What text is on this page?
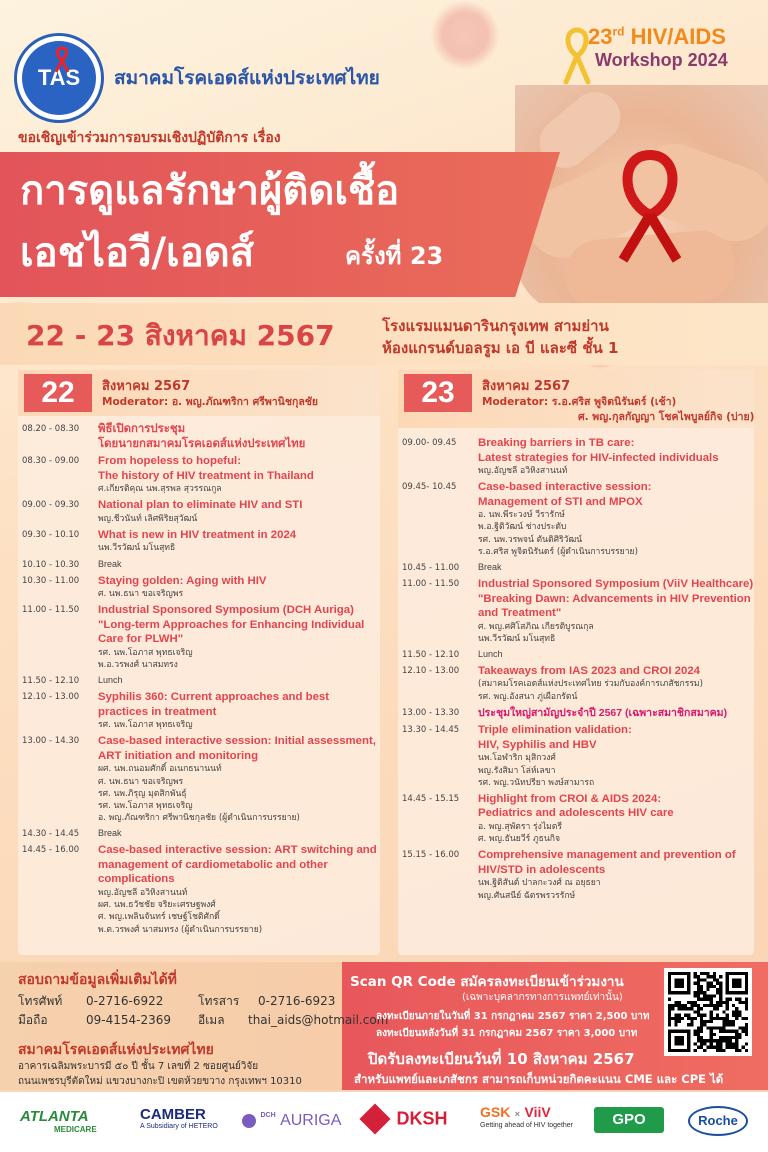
TAS สมาคมโรคเอดส์แห่งประเทศไทย
23rd HIV/AIDS
Workshop 2024
ขอเชิญเข้าร่วมการอบรมเชิงปฏิบัติการ เรื่อง
การดูแลรักษาผู้ติดเชื้อ
เอชไอวี/เอดส์	ครั้งที่ 23
22 - 23 สิงหาคม 2567	โรงแรมแมนดารินกรุงเทพ สามย่าน
ห้องแกรนด์บอลรูม เอ บี และซี ชั้น 1
22	สิงหาคม 2567
Moderator: อ. พญ.ภัณฑริกา ศรีพานิชกุลชัย
08.20 - 08.30	พิธีเปิดการประชุม
โดยนายกสมาคมโรคเอดส์แห่งประเทศไทย
08.30 - 09.00	From hopeless to hopeful:
The history of HIV treatment in Thailand
ศ.เกียรติคุณ นพ.สุรพล สุวรรณกูล
09.00 - 09.30	National plan to eliminate HIV and STI
พญ.ชีวนันท์ เลิศพิริยสุวัฒน์
09.30 - 10.10	What is new in HIV treatment in 2024
นพ.วีรวัฒน์ มโนสุทธิ
10.10 - 10.30	Break
10.30 - 11.00	Staying golden: Aging with HIV
ศ. นพ.ธนา ขอเจริญพร
11.00 - 11.50	Industrial Sponsored Symposium (DCH Auriga)
"Long-term Approaches for Enhancing Individual Care for PLWH"
รศ. นพ.โอภาส พุทธเจริญ
พ.อ.วรพงศ์ นาสมทรง
11.50 - 12.10	Lunch
12.10 - 13.00	Syphilis 360: Current approaches and best practices in treatment
รศ. นพ.โอภาส พุทธเจริญ
13.00 - 14.30	Case-based interactive session: Initial assessment, ART initiation and monitoring
ผศ. นพ.ถนอมศักดิ์ อเนกธนานนท์
ศ. นพ.ธนา ขอเจริญพร
รศ. นพ.ภิรุญ มุตสิกพันธุ์
รศ. นพ.โอภาส พุทธเจริญ
อ. พญ.ภัณฑริกา ศรีพานิชกุลชัย (ผู้ดำเนินการบรรยาย)
14.30 - 14.45	Break
14.45 - 16.00	Case-based interactive session: ART switching and management of cardiometabolic and other complications
พญ.อัญชลี อวิหิงสานนท์
ผศ. นพ.ธวัชชัย จริยะเศรษฐพงศ์
ศ. พญ.เพลินจันทร์ เชษฐ์โชติศักดิ์
พ.ต.วรพงศ์ นาสมทรง (ผู้ดำเนินการบรรยาย)
23	สิงหาคม 2567
Moderator: ร.อ.ศริส พูจิตนิรันดร์ (เช้า)
ศ. พญ.กุลกัญญา โชคไพบูลย์กิจ (บ่าย)
09.00- 09.45	Breaking barriers in TB care:
Latest strategies for HIV-infected individuals
พญ.อัญชลี อวิหิงสานนท์
09.45- 10.45	Case-based interactive session:
Management of STI and MPOX
อ. นพ.พีระวงษ์ วีรารักษ์
พ.อ.ฐิติวัฒน์ ช่างประดับ
รศ. นพ.วรพจน์ ตันติศิริวัฒน์
ร.อ.ศริส พูจิตนิรันดร์ (ผู้ดำเนินการบรรยาย)
10.45 - 11.00	Break
11.00 - 11.50	Industrial Sponsored Symposium (ViiV Healthcare)
"Breaking Dawn: Advancements in HIV Prevention and Treatment"
ศ. พญ.ศศิโสภิณ เกียรติบูรณกุล
นพ.วีรวัฒน์ มโนสุทธิ
11.50 - 12.10	Lunch
12.10 - 13.00	Takeaways from IAS 2023 and CROI 2024
(สมาคมโรคเอดส์แห่งประเทศไทย ร่วมกับองค์การเภสัชกรรม)
รศ. พญ.อังสนา ภู่เผือกรัตน์
13.00 - 13.30	ประชุมใหญ่สามัญประจำปี 2567 (เฉพาะสมาชิกสมาคม)
13.30 - 14.45	Triple elimination validation:
HIV, Syphilis and HBV
นพ.โอฬาริก มุสิกวงศ์
พญ.รังสิมา โล่ห์เลขา
รศ. พญ.วนัทปรียา พงษ์สามารถ
14.45 - 15.15	Highlight from CROI & AIDS 2024:
Pediatrics and adolescents HIV care
อ. พญ.สุพัตรา รุ่งไมตรี
ศ. พญ.ธันยวีร์ ภูธนกิจ
15.15 - 16.00	Comprehensive management and prevention of HIV/STD in adolescents
นพ.ฐิติสันต์ ปาลกะวงศ์ ณ อยุธยา
พญ.ศันสนีย์ ฉัตรพรวรรักษ์
สอบถามข้อมูลเพิ่มเติมได้ที่
โทรศัพท์ 0-2716-6922	โทรสาร 0-2716-6923
มือถือ	09-4154-2369 อีเมล thai_aids@hotmail.com
สมาคมโรคเอดส์แห่งประเทศไทย
อาคารเฉลิมพระบารมี ๕๐ ปี ชั้น 7 เลขที่ 2 ซอยศูนย์วิจัย
ถนนเพชรบุรีตัดใหม่ แขวงบางกะปิ เขตห้วยขวาง กรุงเทพฯ 10310
Scan QR Code สมัครลงทะเบียนเข้าร่วมงาน
(เฉพาะบุคลากรทางการแพทย์เท่านั้น)
ลงทะเบียนภายในวันที่ 31 กรกฎาคม 2567 ราคา 2,500 บาท
ลงทะเบียนหลังวันที่ 31 กรกฎาคม 2567 ราคา 3,000 บาท
ปิดรับลงทะเบียนวันที่ 10 สิงหาคม 2567
สำหรับแพทย์และเภสัชกร สามารถเก็บหน่วยกิตคะแนน CME และ CPE ได้
ATLANTA
MEDICARE
CAMBER
A Subsidiary of HETERO
$^{DCH}$ AURIGA	DKSH GSK × ViiV
Getting ahead of HIV together	GPO	Roche
